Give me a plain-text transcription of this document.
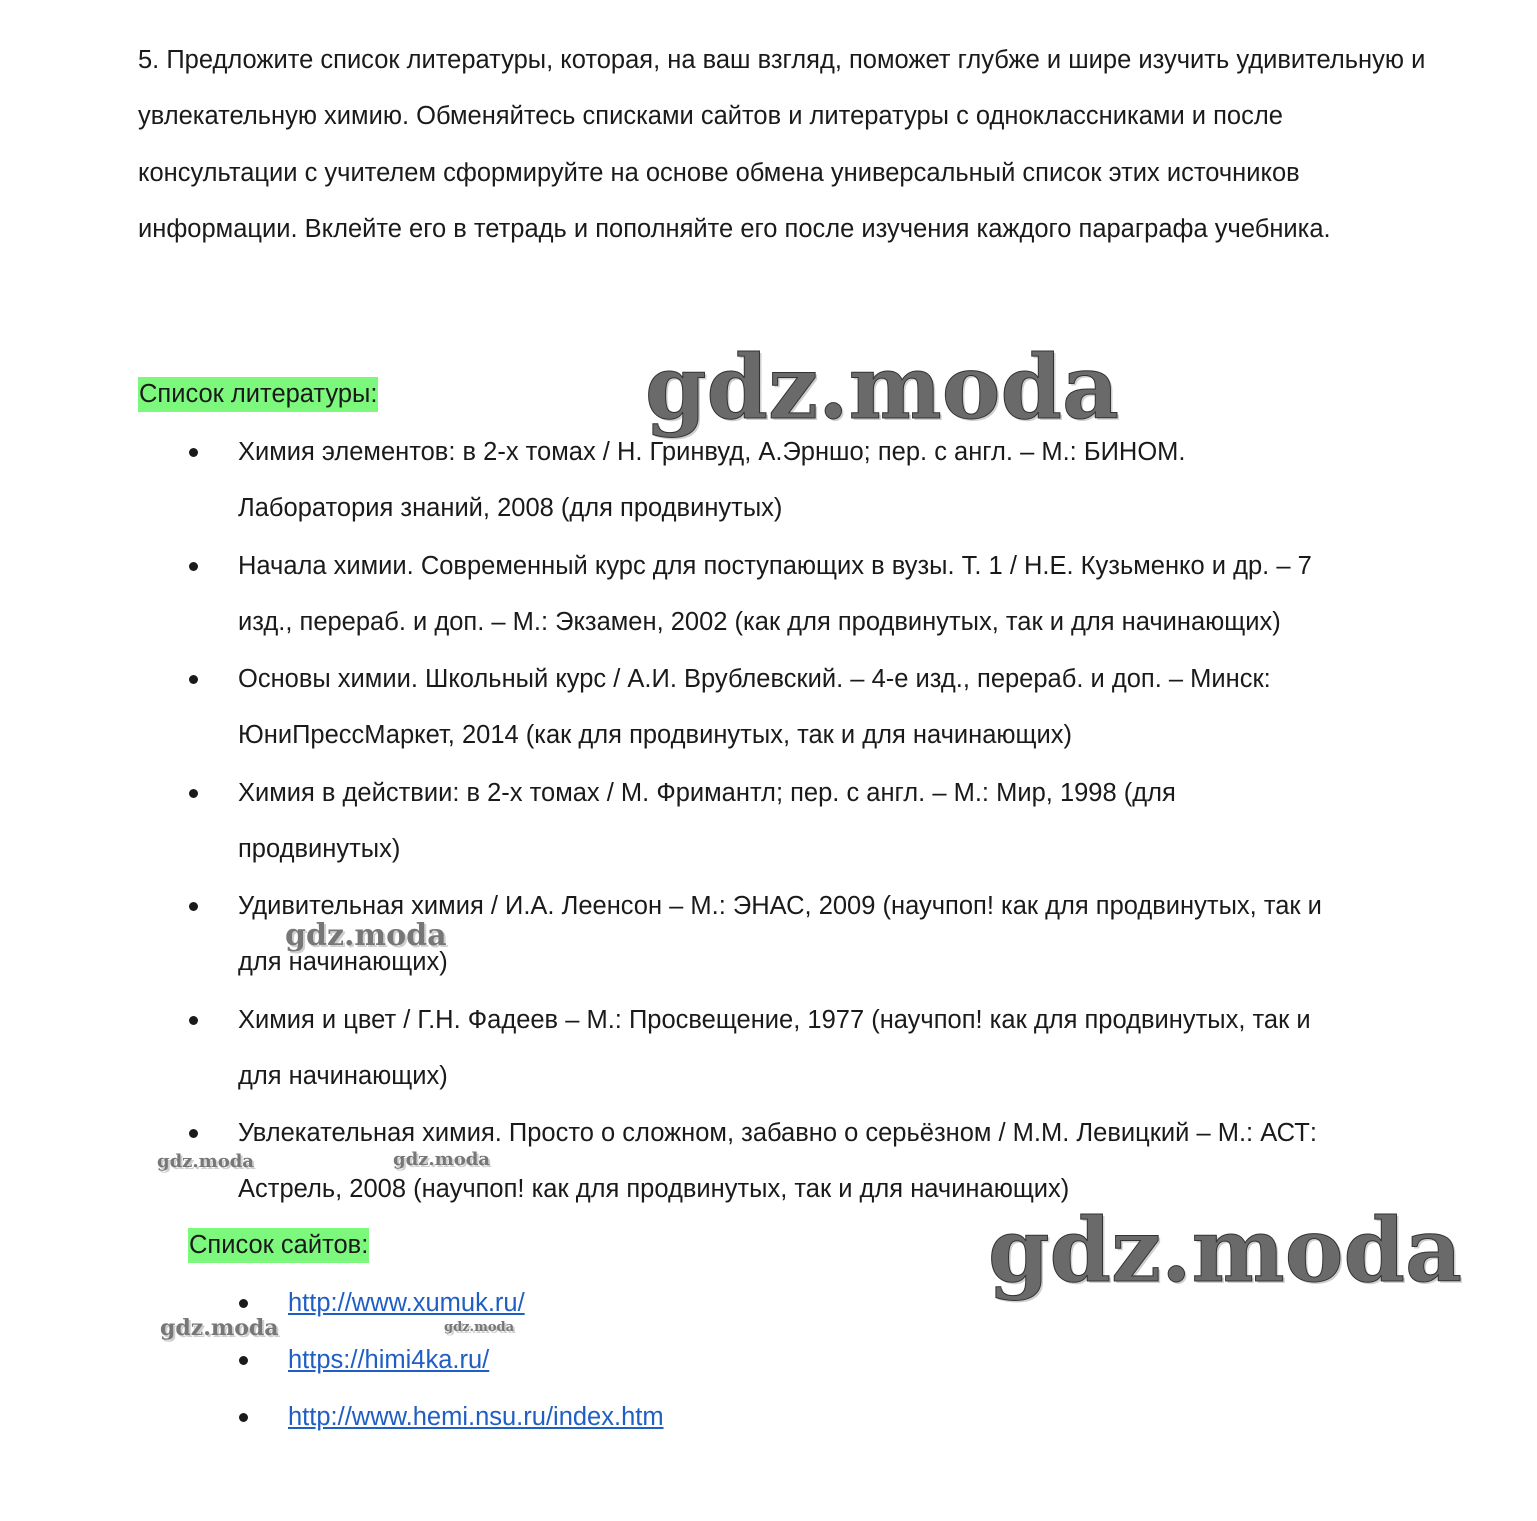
5. Предложите список литературы, которая, на ваш взгляд, поможет глубже и шире изучить удивительную и увлекательную химию. Обменяйтесь списками сайтов и литературы с одноклассниками и после консультации с учителем сформируйте на основе обмена универсальный список этих источников информации. Вклейте его в тетрадь и пополняйте его после изучения каждого параграфа учебника.

Список литературы:
Химия элементов: в 2-х томах / Н. Гринвуд, А.Эрншо; пер. с англ. – М.: БИНОМ.
Лаборатория знаний, 2008 (для продвинутых)
Начала химии. Современный курс для поступающих в вузы. Т. 1 / Н.Е. Кузьменко и др. – 7
изд., перераб. и доп. – М.: Экзамен, 2002 (как для продвинутых, так и для начинающих)
Основы химии. Школьный курс / А.И. Врублевский. – 4-е изд., перераб. и доп. – Минск:
ЮниПрессМаркет, 2014 (как для продвинутых, так и для начинающих)
Химия в действии: в 2-х томах / М. Фримантл; пер. с англ. – М.: Мир, 1998 (для
продвинутых)
Удивительная химия / И.А. Леенсон – М.: ЭНАС, 2009 (научпоп! как для продвинутых, так и
для начинающих)
Химия и цвет / Г.Н. Фадеев – М.: Просвещение, 1977 (научпоп! как для продвинутых, так и
для начинающих)
Увлекательная химия. Просто о сложном, забавно о серьёзном / М.М. Левицкий – М.: АСТ:
Астрель, 2008 (научпоп! как для продвинутых, так и для начинающих)
Список сайтов:
http://www.xumuk.ru/
https://himi4ka.ru/
http://www.hemi.nsu.ru/index.htm
gdz.moda
gdz.moda
gdz.moda
gdz.moda	gdz.moda
gdz.moda	gdz.moda
